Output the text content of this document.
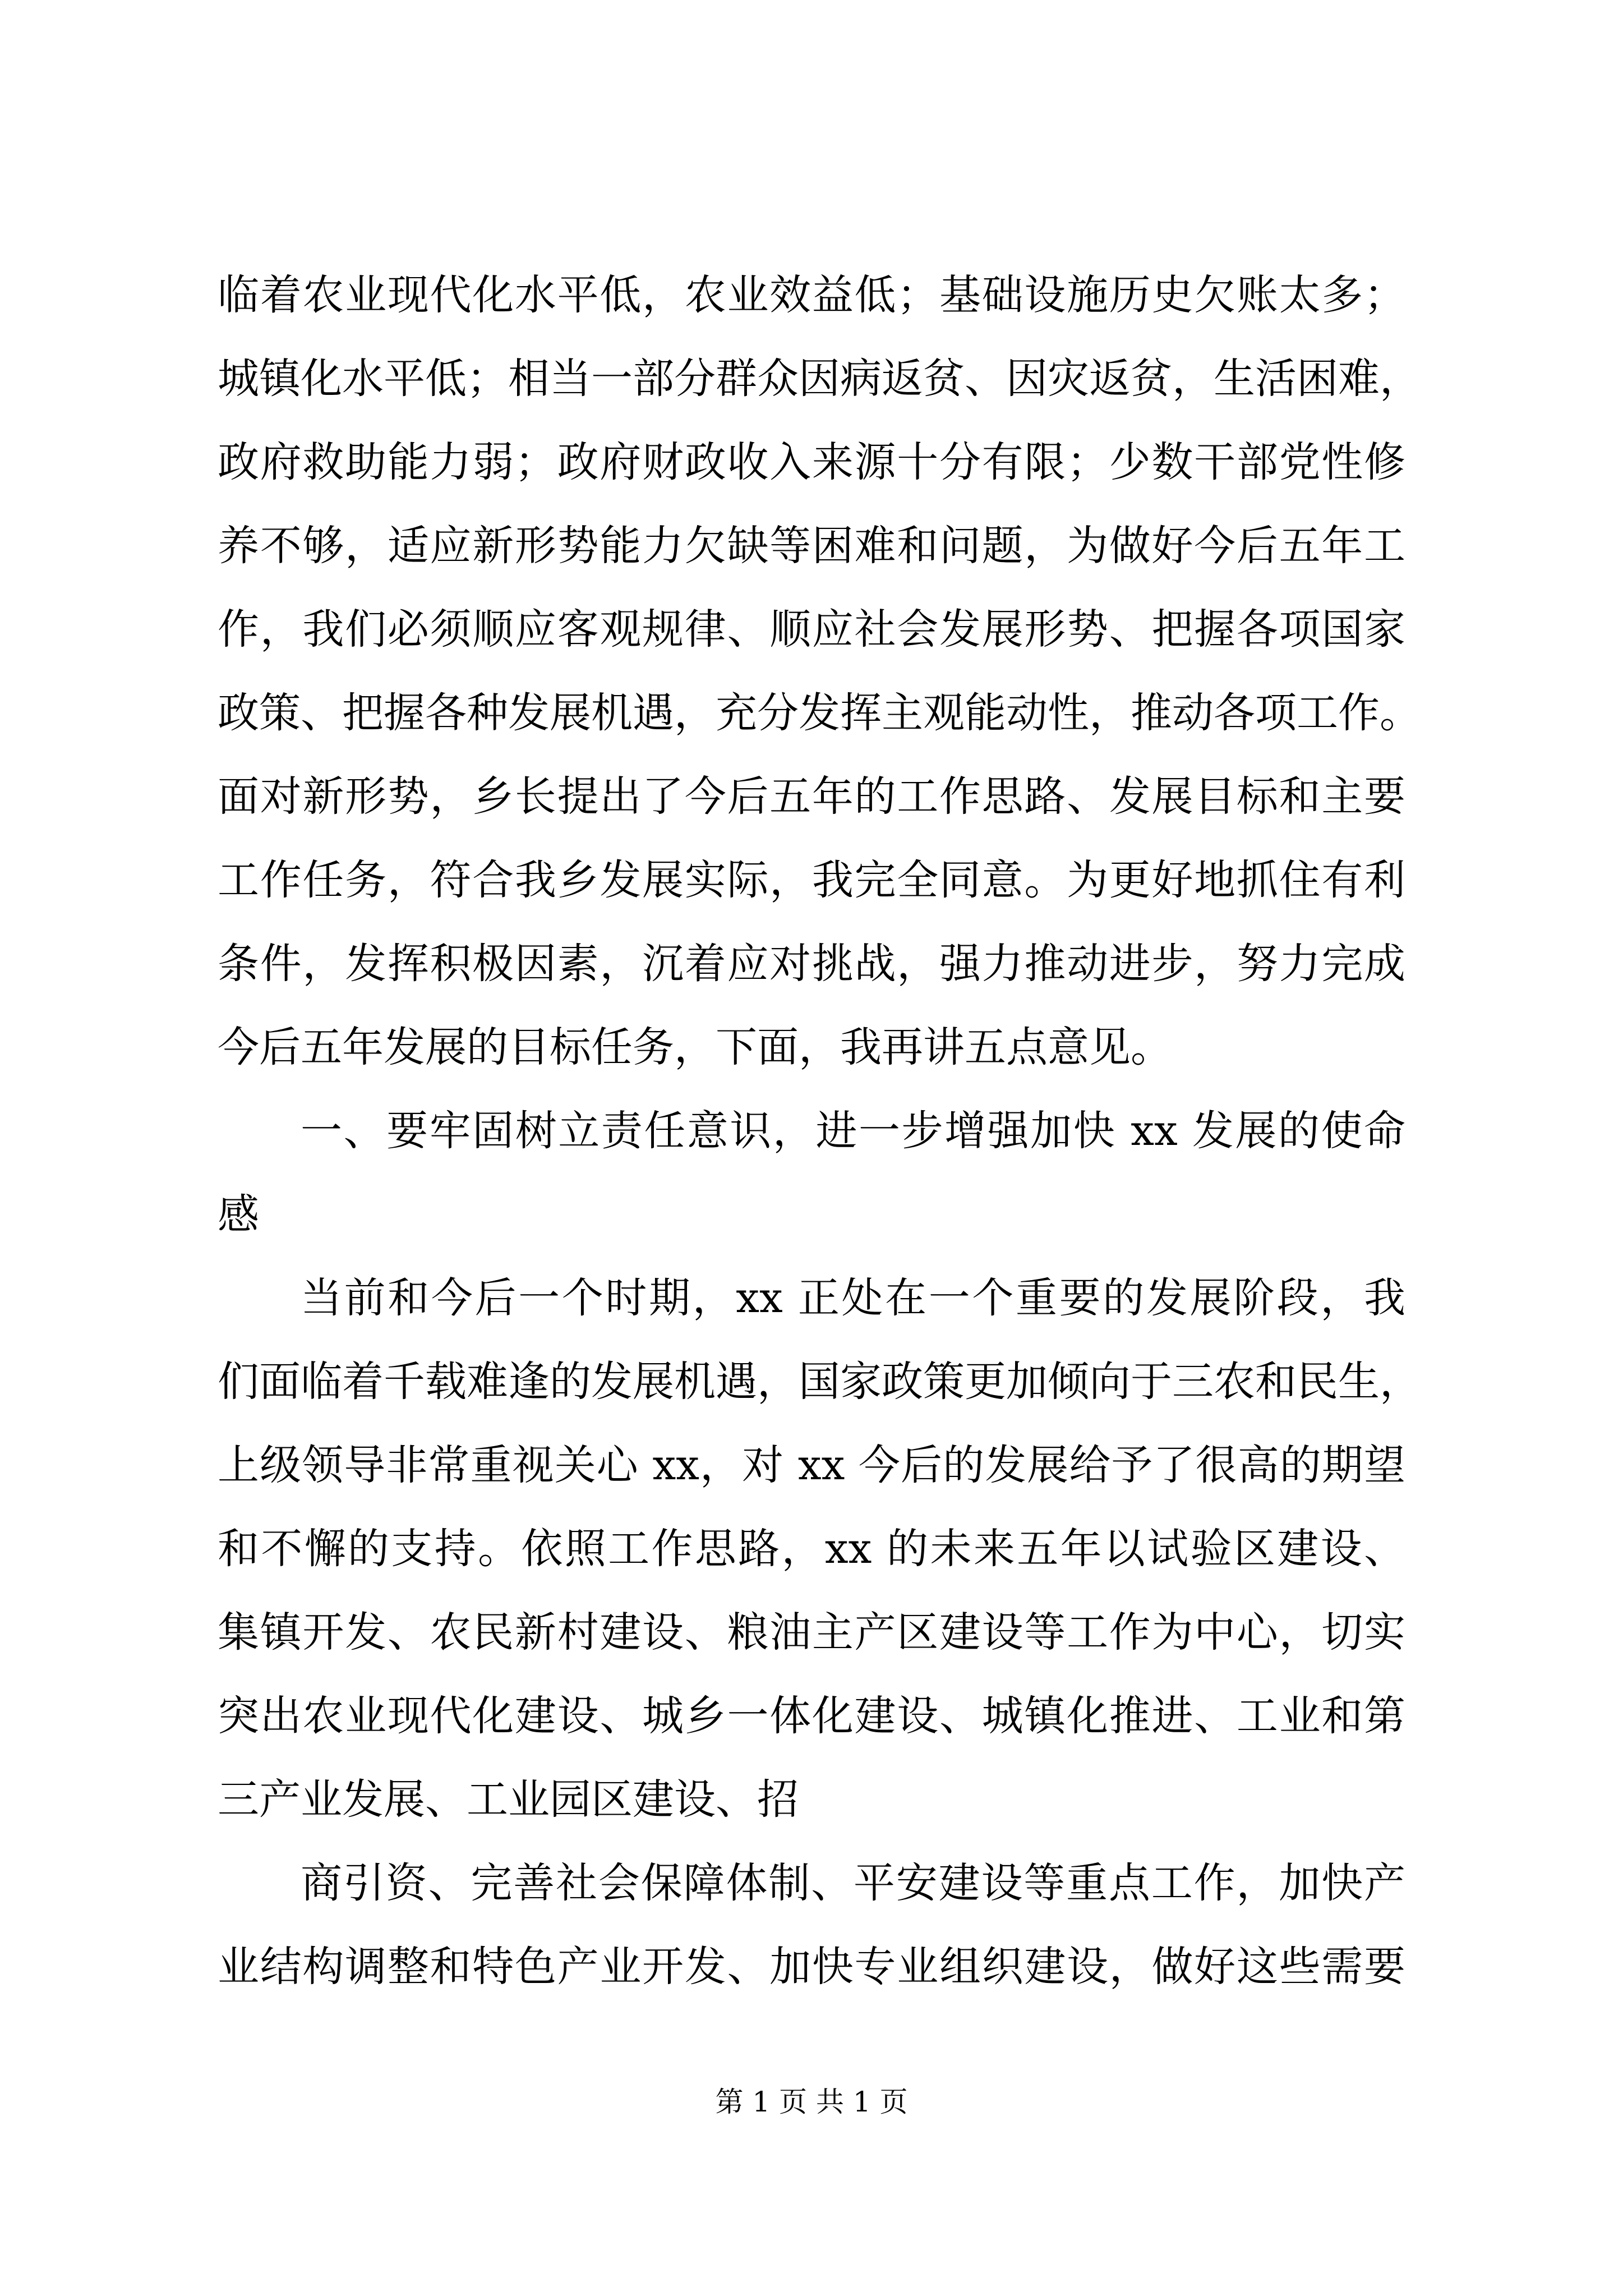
临着农业现代化水平低，农业效益低；基础设施历史欠账太多；
城镇化水平低；相当一部分群众因病返贫、因灾返贫，生活困难，
政府救助能力弱；政府财政收入来源十分有限；少数干部党性修
养不够，适应新形势能力欠缺等困难和问题，为做好今后五年工
作，我们必须顺应客观规律、顺应社会发展形势、把握各项国家
政策、把握各种发展机遇，充分发挥主观能动性，推动各项工作。
面对新形势，乡长提出了今后五年的工作思路、发展目标和主要
工作任务，符合我乡发展实际，我完全同意。为更好地抓住有利
条件，发挥积极因素，沉着应对挑战，强力推动进步，努力完成
今后五年发展的目标任务，下面，我再讲五点意见。
一、要牢固树立责任意识，进一步增强加快 xx 发展的使命
感
当前和今后一个时期，xx 正处在一个重要的发展阶段，我
们面临着千载难逢的发展机遇，国家政策更加倾向于三农和民生，
上级领导非常重视关心 xx，对 xx 今后的发展给予了很高的期望
和不懈的支持。依照工作思路，xx 的未来五年以试验区建设、
集镇开发、农民新村建设、粮油主产区建设等工作为中心，切实
突出农业现代化建设、城乡一体化建设、城镇化推进、工业和第
三产业发展、工业园区建设、招
商引资、完善社会保障体制、平安建设等重点工作，加快产
业结构调整和特色产业开发、加快专业组织建设，做好这些需要
第 1 页 共 1 页
